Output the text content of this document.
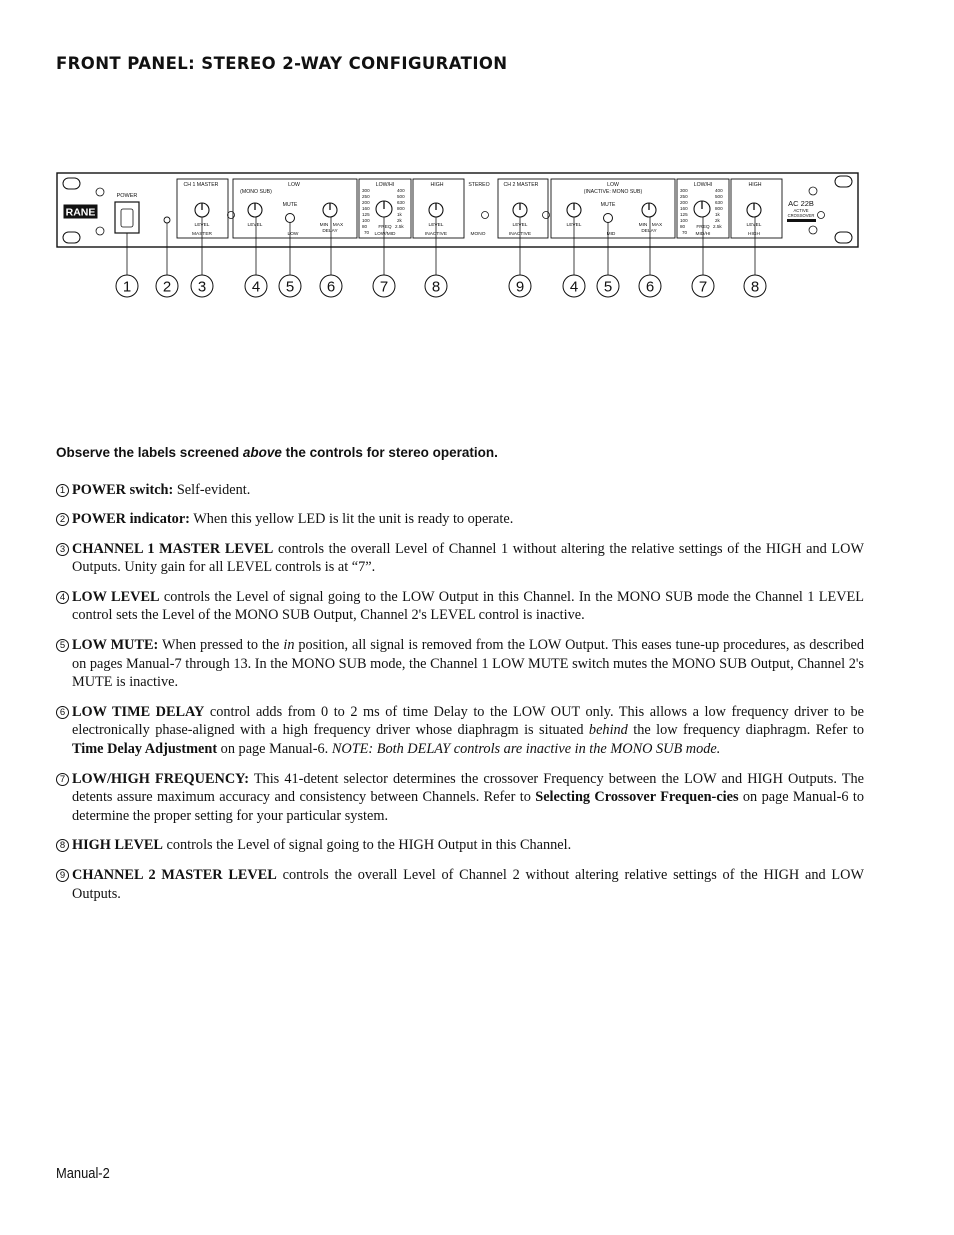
FRONT PANEL: STEREO 2-WAY CONFIGURATION
RANE
POWER
CH 1 MASTER	LOW
(MONO SUB)
LOW/HI	HIGH	STEREO	CH 2 MASTER	LOW
(INACTIVE: MONO SUB)
LOW/HI	HIGH
MUTE	MUTE
300
250
200
160
125
100
80
70
400
500
630
800
1k
2k
2.5k
300
250
200
160
125
100
80
70
400
500
630
800
1k
2k
2.5k
LEVEL
MASTER
LEVEL
LOW
MIN MAX
DELAY
FREQ
LOW/MID
LEVEL
INACTIVE	MONO
LEVEL
INACTIVE
LEVEL
MID
MIN MAX
DELAY
FREQ
MID/HI
LEVEL
HIGH
AC 22B
ACTIVE
CROSSOVER
1 2 3	4 5 6	7	8	9	4 5 6	7	8

Observe the labels screened above the controls for stereo operation.

1 POWER switch: Self-evident.

2 POWER indicator: When this yellow LED is lit the unit is ready to operate.

3 CHANNEL 1 MASTER LEVEL controls the overall Level of Channel 1 without altering the relative settings of the HIGH and LOW Outputs. Unity gain for all LEVEL controls is at “7”.

4 LOW LEVEL controls the Level of signal going to the LOW Output in this Channel. In the MONO SUB mode the Channel 1 LEVEL control sets the Level of the MONO SUB Output, Channel 2's LEVEL control is inactive.

5 LOW MUTE: When pressed to the in position, all signal is removed from the LOW Output. This eases tune-up procedures, as described on pages Manual-7 through 13. In the MONO SUB mode, the Channel 1 LOW MUTE switch mutes the MONO SUB Output, Channel 2's MUTE is inactive.

6 LOW TIME DELAY control adds from 0 to 2 ms of time Delay to the LOW OUT only. This allows a low frequency driver to be electronically phase-aligned with a high frequency driver whose diaphragm is situated behind the low frequency diaphragm. Refer to Time Delay Adjustment on page Manual-6. NOTE: Both DELAY controls are inactive in the MONO SUB mode.

7 LOW/HIGH FREQUENCY: This 41-detent selector determines the crossover Frequency between the LOW and HIGH Outputs. The detents assure maximum accuracy and consistency between Channels. Refer to Selecting Crossover Frequen-cies on page Manual-6 to determine the proper setting for your particular system.

8 HIGH LEVEL controls the Level of signal going to the HIGH Output in this Channel.

9 CHANNEL 2 MASTER LEVEL controls the overall Level of Channel 2 without altering relative settings of the HIGH and LOW Outputs.

Manual-2
